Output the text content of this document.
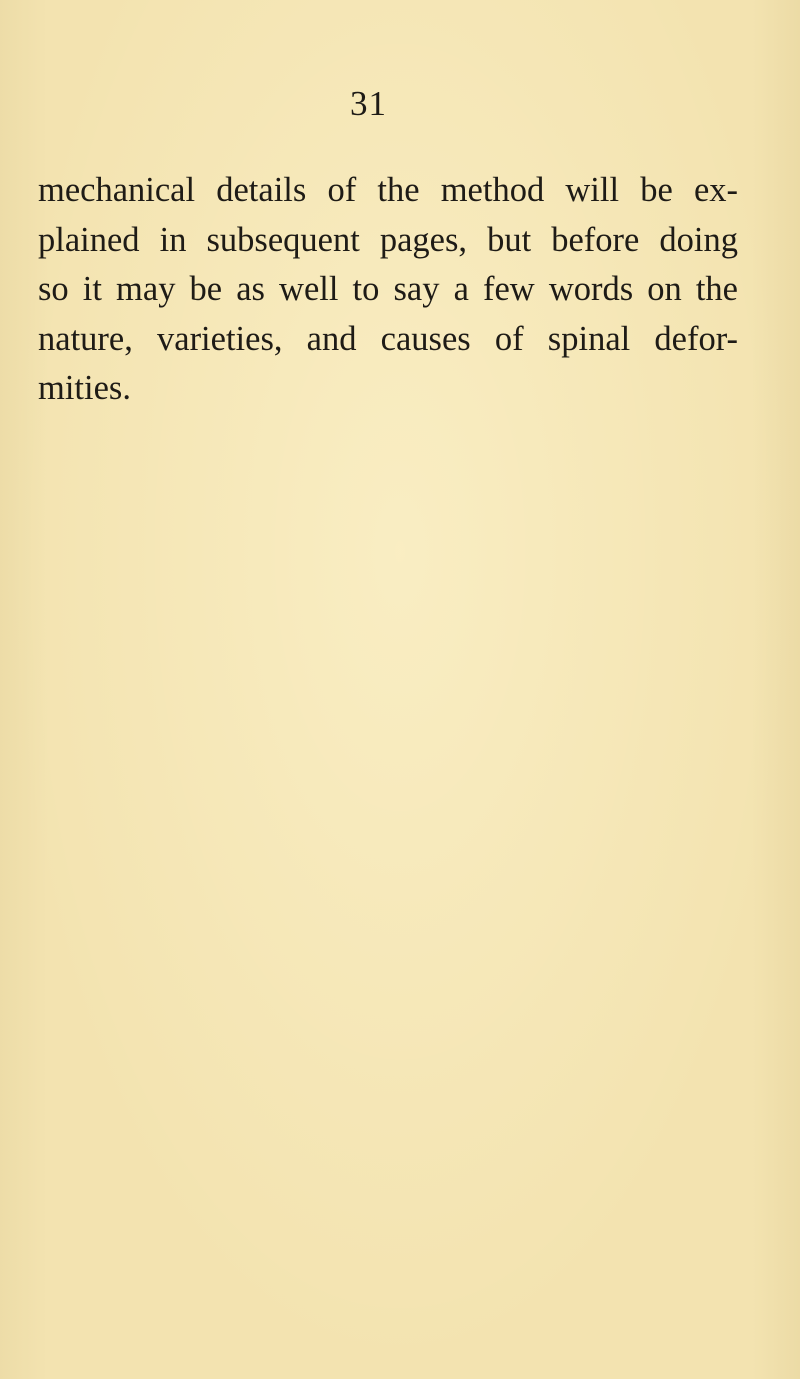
31
mechanical details of the method will be ex-
plained in subsequent pages, but before doing
so it may be as well to say a few words on the
nature, varieties, and causes of spinal defor-
mities.
